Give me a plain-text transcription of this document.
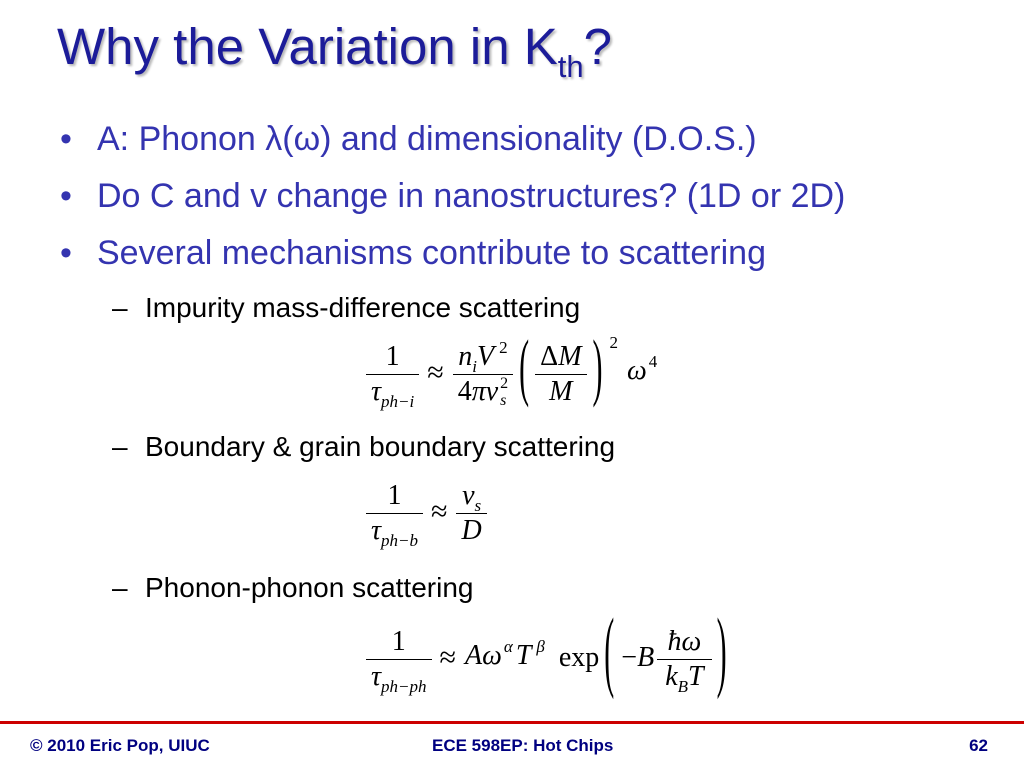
Why the Variation in $K_{th}$?
• A: Phonon λ(ω) and dimensionality (D.O.S.)
• Do C and v change in nanostructures? (1D or 2D)
• Several mechanisms contribute to scattering
– Impurity mass-difference scattering
$\frac{1}{\tau_{ph-i}} \approx n_iV$ $^2$
4πv 2
s ( $\frac{\Delta M}{M}$ ) 2
ω $^4$
– Boundary & grain boundary scattering
$\frac{1}{\tau_{ph-b}} \approx \frac{v_s}{D}$
– Phonon-phonon scattering
$\frac{1}{\tau_{ph-ph}} \approx A\omega$ $^\alpha$ T $^\beta$ exp ( $-B \frac{ħ\omega}{k_BT}$ )
© 2010 Eric Pop, UIUC	ECE 598EP: Hot Chips	62
